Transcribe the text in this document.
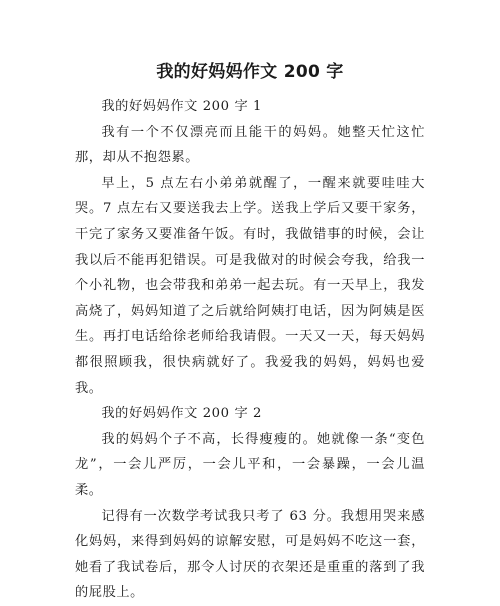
我的好妈妈作文 200 字

我的好妈妈作文 200 字 1

我有一个不仅漂亮而且能干的妈妈。她整天忙这忙那，却从不抱怨累。

早上，5 点左右小弟弟就醒了，一醒来就要哇哇大哭。7 点左右又要送我去上学。送我上学后又要干家务，干完了家务又要准备午饭。有时，我做错事的时候，会让我以后不能再犯错误。可是我做对的时候会夸我，给我一个小礼物，也会带我和弟弟一起去玩。有一天早上，我发高烧了，妈妈知道了之后就给阿姨打电话，因为阿姨是医生。再打电话给徐老师给我请假。一天又一天，每天妈妈都很照顾我，很快病就好了。我爱我的妈妈，妈妈也爱我。

我的好妈妈作文 200 字 2

我的妈妈个子不高，长得瘦瘦的。她就像一条“变色龙”，一会儿严厉，一会儿平和，一会暴躁，一会儿温柔。

记得有一次数学考试我只考了 63 分。我想用哭来感化妈妈，来得到妈妈的谅解安慰，可是妈妈不吃这一套，她看了我试卷后，那令人讨厌的衣架还是重重的落到了我的屁股上。
